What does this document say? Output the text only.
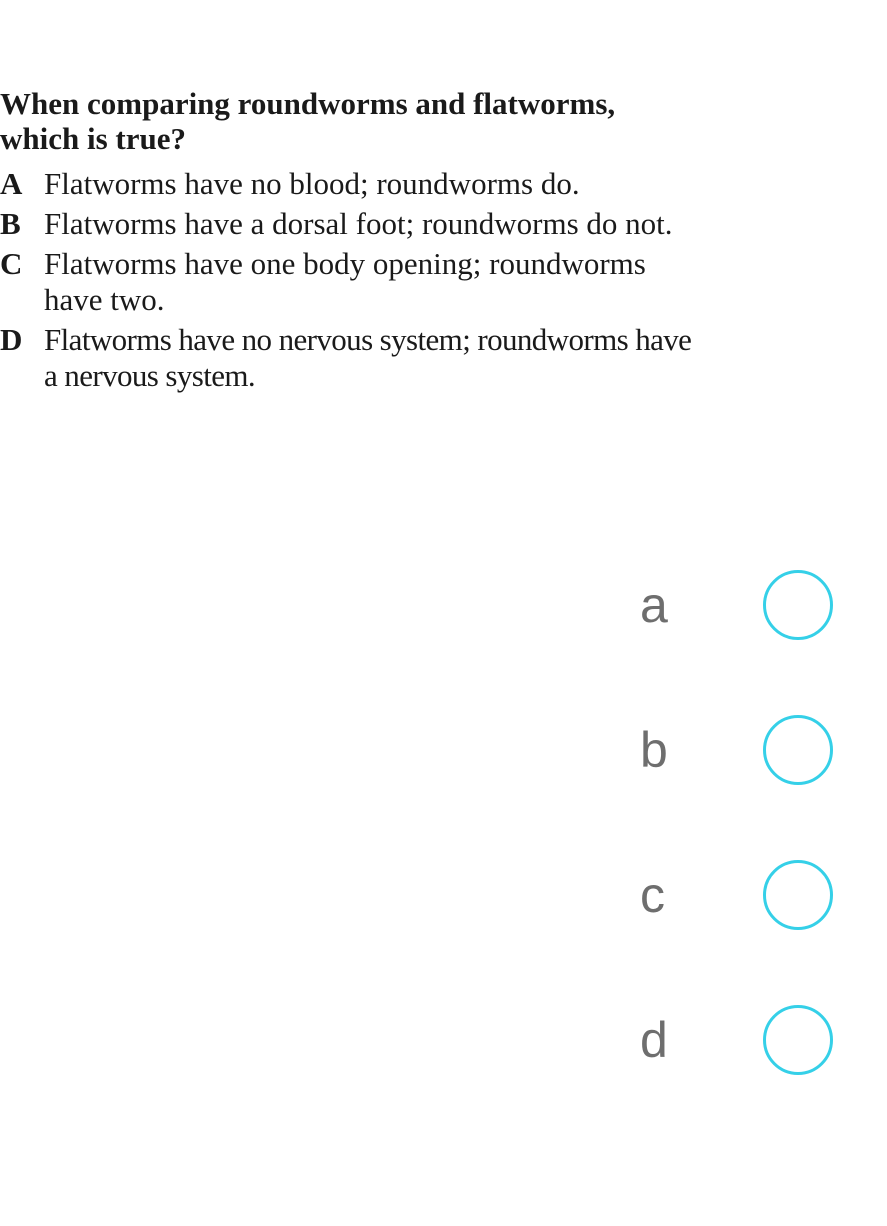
When comparing roundworms and flatworms, which is true?
A Flatworms have no blood; roundworms do.
B Flatworms have a dorsal foot; roundworms do not.
C Flatworms have one body opening; roundworms have two.
D Flatworms have no nervous system; roundworms have a nervous system.
a
b
c
d
